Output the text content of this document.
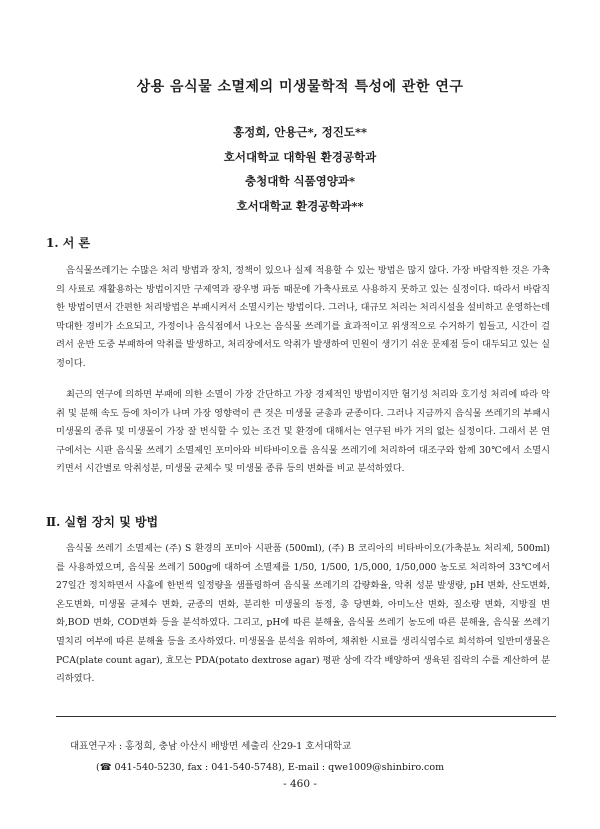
상용 음식물 소멸제의 미생물학적 특성에 관한 연구
홍정희, 안용근*, 정진도**
호서대학교 대학원 환경공학과
충청대학 식품영양과*
호서대학교 환경공학과**
1. 서 론

음식물쓰레기는 수많은 처리 방법과 장치, 정책이 있으나 실제 적용할 수 있는 방법은 많지 않다. 가장 바람직한 것은 가축의 사료로 재활용하는 방법이지만 구제역과 광우병 파동 때문에 가축사료로 사용하지 못하고 있는 실정이다. 따라서 바람직한 방법이면서 간편한 처리방법은 부패시켜서 소멸시키는 방법이다. 그러나, 대규모 처리는 처리시설을 설비하고 운영하는데 막대한 경비가 소요되고, 가정이나 음식점에서 나오는 음식물 쓰레기를 효과적이고 위생적으로 수거하기 힘들고, 시간이 걸려서 운반 도중 부패하여 악취를 발생하고, 처리장에서도 악취가 발생하여 민원이 생기기 쉬운 문제점 등이 대두되고 있는 실정이다.

최근의 연구에 의하면 부패에 의한 소멸이 가장 간단하고 가장 경제적인 방법이지만 혐기성 처리와 호기성 처리에 따라 악취 및 분해 속도 등에 차이가 나며 가장 영향력이 큰 것은 미생물 균총과 균종이다. 그러나 지금까지 음식물 쓰레기의 부패시 미생물의 종류 및 미생물이 가장 잘 번식할 수 있는 조건 및 환경에 대해서는 연구된 바가 거의 없는 실정이다. 그래서 본 연구에서는 시판 음식물 쓰레기 소멸제인 포미아와 비타바이오를 음식물 쓰레기에 처리하여 대조구와 함께 30℃에서 소멸시키면서 시간별로 악취성분, 미생물 균체수 및 미생물 종류 등의 변화를 비교 분석하였다.

Ⅱ. 실험 장치 및 방법

음식물 쓰레기 소멸제는 (주) S 환경의 포미아 시판품 (500ml), (주) B 코리아의 비타바이오(가축분뇨 처리제, 500ml)를 사용하였으며, 음식물 쓰레기 500g에 대하여 소멸제를 1/50, 1/500, 1/5,000, 1/50,000 농도로 처리하여 33℃에서 27일간 정치하면서 사흘에 한번씩 일정량을 샘플링하여 음식물 쓰레기의 감량화율, 악취 성분 발생량, pH 변화, 산도변화, 온도변화, 미생물 균체수 변화, 균종의 변화, 분리한 미생물의 동정, 총 당변화, 아미노산 변화, 질소량 변화, 지방질 변화,BOD 변화, COD변화 등을 분석하였다. 그리고, pH에 따른 분해율, 음식물 쓰레기 농도에 따른 분해율, 음식물 쓰레기 멸치리 여부에 따른 분해율 등을 조사하였다. 미생물을 분석을 위하여, 채취한 시료를 생리식염수로 희석하여 일반미생물은 PCA(plate count agar), 효모는 PDA(potato dextrose agar) 평판 상에 각각 배양하여 생육된 집락의 수를 계산하여 분리하였다.

대표연구자 : 홍정희, 충남 아산시 배방면 세출리 산29-1 호서대학교
(☎ 041-540-5230, fax : 041-540-5748), E-mail : qwe1009@shinbiro.com
- 460 -
